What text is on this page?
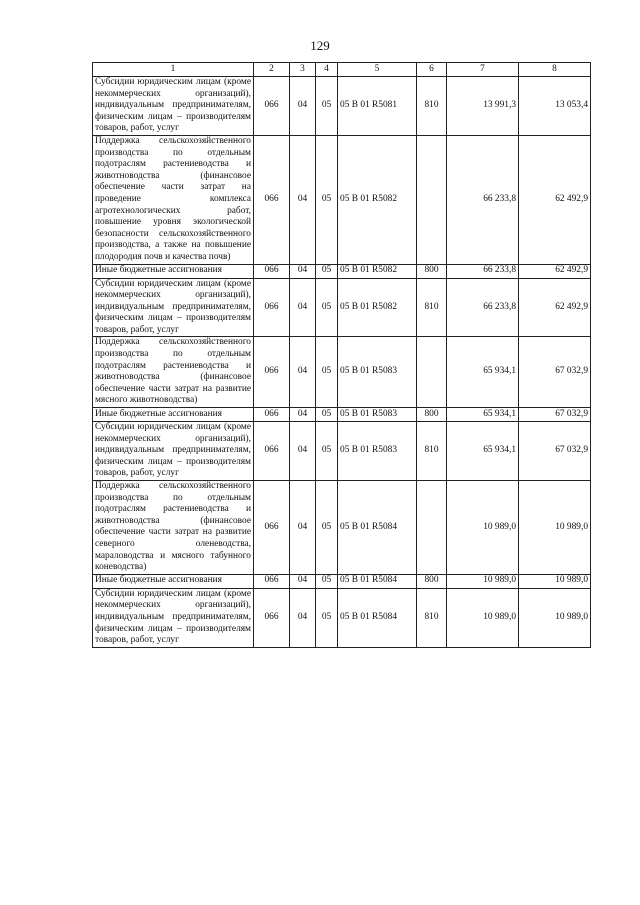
129
1	2	3	4	5	6	7	8
Субсидии юридическим лицам (кроме некоммерческих организаций), индивидуальным предпринимателям, физическим лицам – производителям товаров, работ, услуг	066	04	05	05 В 01 R5081	810	13 991,3	13 053,4
Поддержка сельскохозяйственного производства по отдельным подотраслям растениеводства и животноводства (финансовое обеспечение части затрат на проведение комплекса агротехнологических работ, повышение уровня экологической безопасности сельскохозяйственного производства, а также на повышение плодородия почв и качества почв)	066	04	05	05 В 01 R5082		66 233,8	62 492,9
Иные бюджетные ассигнования	066	04	05	05 В 01 R5082	800	66 233,8	62 492,9
Субсидии юридическим лицам (кроме некоммерческих организаций), индивидуальным предпринимателям, физическим лицам – производителям товаров, работ, услуг	066	04	05	05 В 01 R5082	810	66 233,8	62 492,9
Поддержка сельскохозяйственного производства по отдельным подотраслям растениеводства и животноводства (финансовое обеспечение части затрат на развитие мясного животноводства)	066	04	05	05 В 01 R5083		65 934,1	67 032,9
Иные бюджетные ассигнования	066	04	05	05 В 01 R5083	800	65 934,1	67 032,9
Субсидии юридическим лицам (кроме некоммерческих организаций), индивидуальным предпринимателям, физическим лицам – производителям товаров, работ, услуг	066	04	05	05 В 01 R5083	810	65 934,1	67 032,9
Поддержка сельскохозяйственного производства по отдельным подотраслям растениеводства и животноводства (финансовое обеспечение части затрат на развитие северного оленеводства, мараловодства и мясного табунного коневодства)	066	04	05	05 В 01 R5084		10 989,0	10 989,0
Иные бюджетные ассигнования	066	04	05	05 В 01 R5084	800	10 989,0	10 989,0
Субсидии юридическим лицам (кроме некоммерческих организаций), индивидуальным предпринимателям, физическим лицам – производителям товаров, работ, услуг	066	04	05	05 В 01 R5084	810	10 989,0	10 989,0
